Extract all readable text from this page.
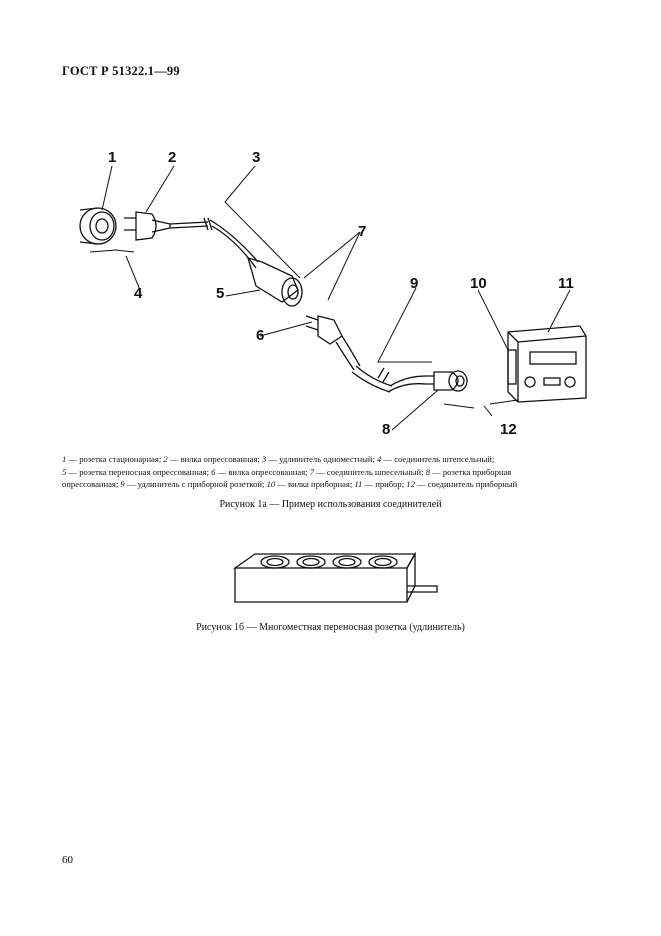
ГОСТ Р 51322.1—99
1	2	3
4	5
7
6
9	10	11
8	12
1 — розетка стационарная; 2 — вилка опрессованная; 3 — удлинитель одноместный; 4 — соединитель штепсельный;
5 — розетка переносная опрессованная; 6 — вилка опрессованная; 7 — соединитель шпесельный; 8 — розетка приборная
опрессованная; 9 — удлинитель с приборной розеткой; 10 — вилка приборная; 11 — прибор; 12 — соединитель приборный
Рисунок 1а — Пример использования соединителей
Рисунок 1б — Многоместная переносная розетка (удлинитель)
60
